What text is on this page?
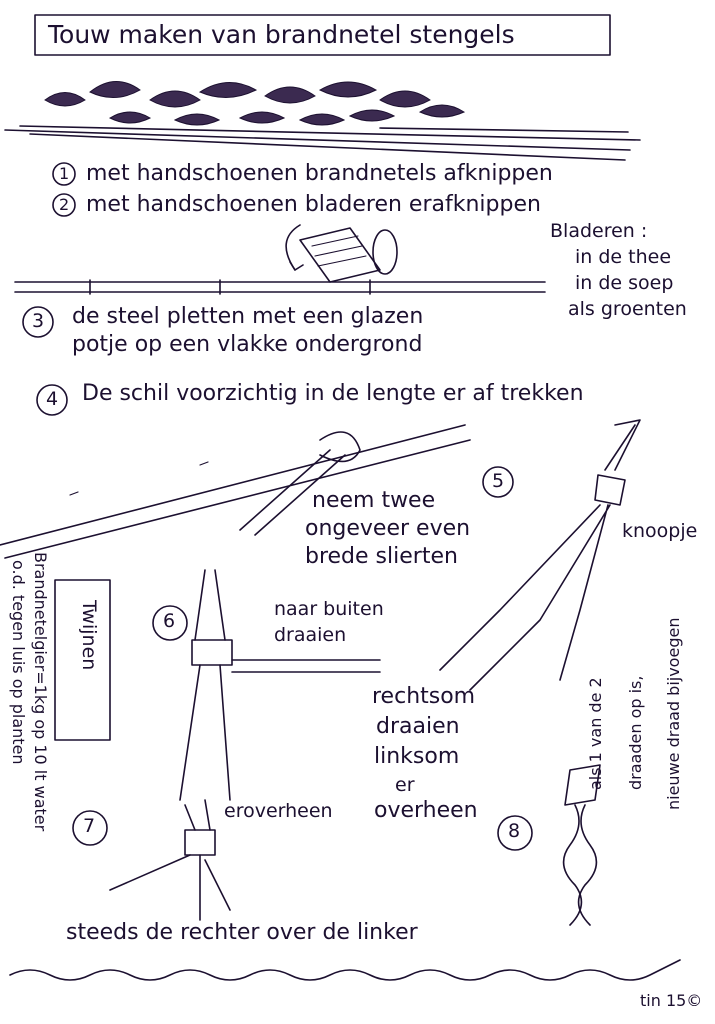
Touw maken van brandnetel stengels
1 met handschoenen brandnetels afknippen
2 met handschoenen bladeren erafknippen
Bladeren :
in de thee
in de soep
als groenten
3 de steel pletten met een glazen
potje op een vlakke ondergrond
4 De schil voorzichtig in de lengte er af trekken
5
neem twee
ongeveer even
brede slierten
knoopje
6
naar buiten
draaien
rechtsom
draaien
linksom
er
overheen
Twijnen
Brandnetelgier=1kg op 10 lt water
o.d. tegen luis op planten
7
eroverheen
steeds de rechter over de linker
8
als 1 van de 2 draaden op is, nieuwe draad bijvoegen
tin 15©
